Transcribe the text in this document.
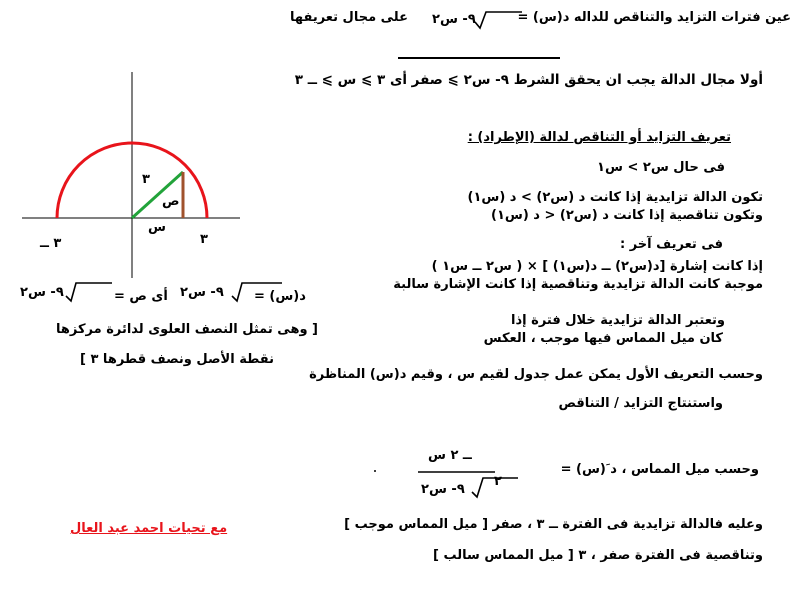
عين فترات التزايد والتناقص للداله د(س) =
٩- س٢
على مجال تعريفها
أولا مجال الدالة يجب ان يحقق الشرط ٩- س٢ ⩾ صفر أى ٣ ⩾ س ⩾ ــ ٣
تعريف التزايد أو التناقص لدالة (الإطراد) :
فى حال س٢ > س١
تكون الدالة تزايدية إذا كانت د (س٢) > د (س١)
وتكون تناقصية إذا كانت د (س٢) < د (س١)
فى تعريف آخر :
إذا كانت إشارة [د(س٢) ــ د(س١) ] × ( س٢ ــ س١ )
موجبة كانت الدالة تزايدية وتناقصية إذا كانت الإشارة سالبة
وتعتبر الدالة تزايدية خلال فترة إذا
كان ميل المماس فيها موجب ، العكس
وحسب التعريف الأول يمكن عمل جدول لقيم س ، وقيم د(س) المناظرة
واستنتاج التزايد / التناقص
وحسب ميل المماس ، د َ(س) =
ــ ٢ س
٩- س٢
٢
وعليه فالدالة تزايدية فى الفترة ــ ٣ ، صفر [ ميل المماس موجب ]
وتناقصية فى الفترة صفر ، ٣ [ ميل المماس سالب ]
٣
ص
س
٣
٣ ــ
د(س) =
٩- س٢
أى ص =
٩- س٢
[ وهى تمثل النصف العلوى لدائرة مركزها
نقطة الأصل ونصف قطرها ٣ ]
مع تحيات احمد عبد العال
